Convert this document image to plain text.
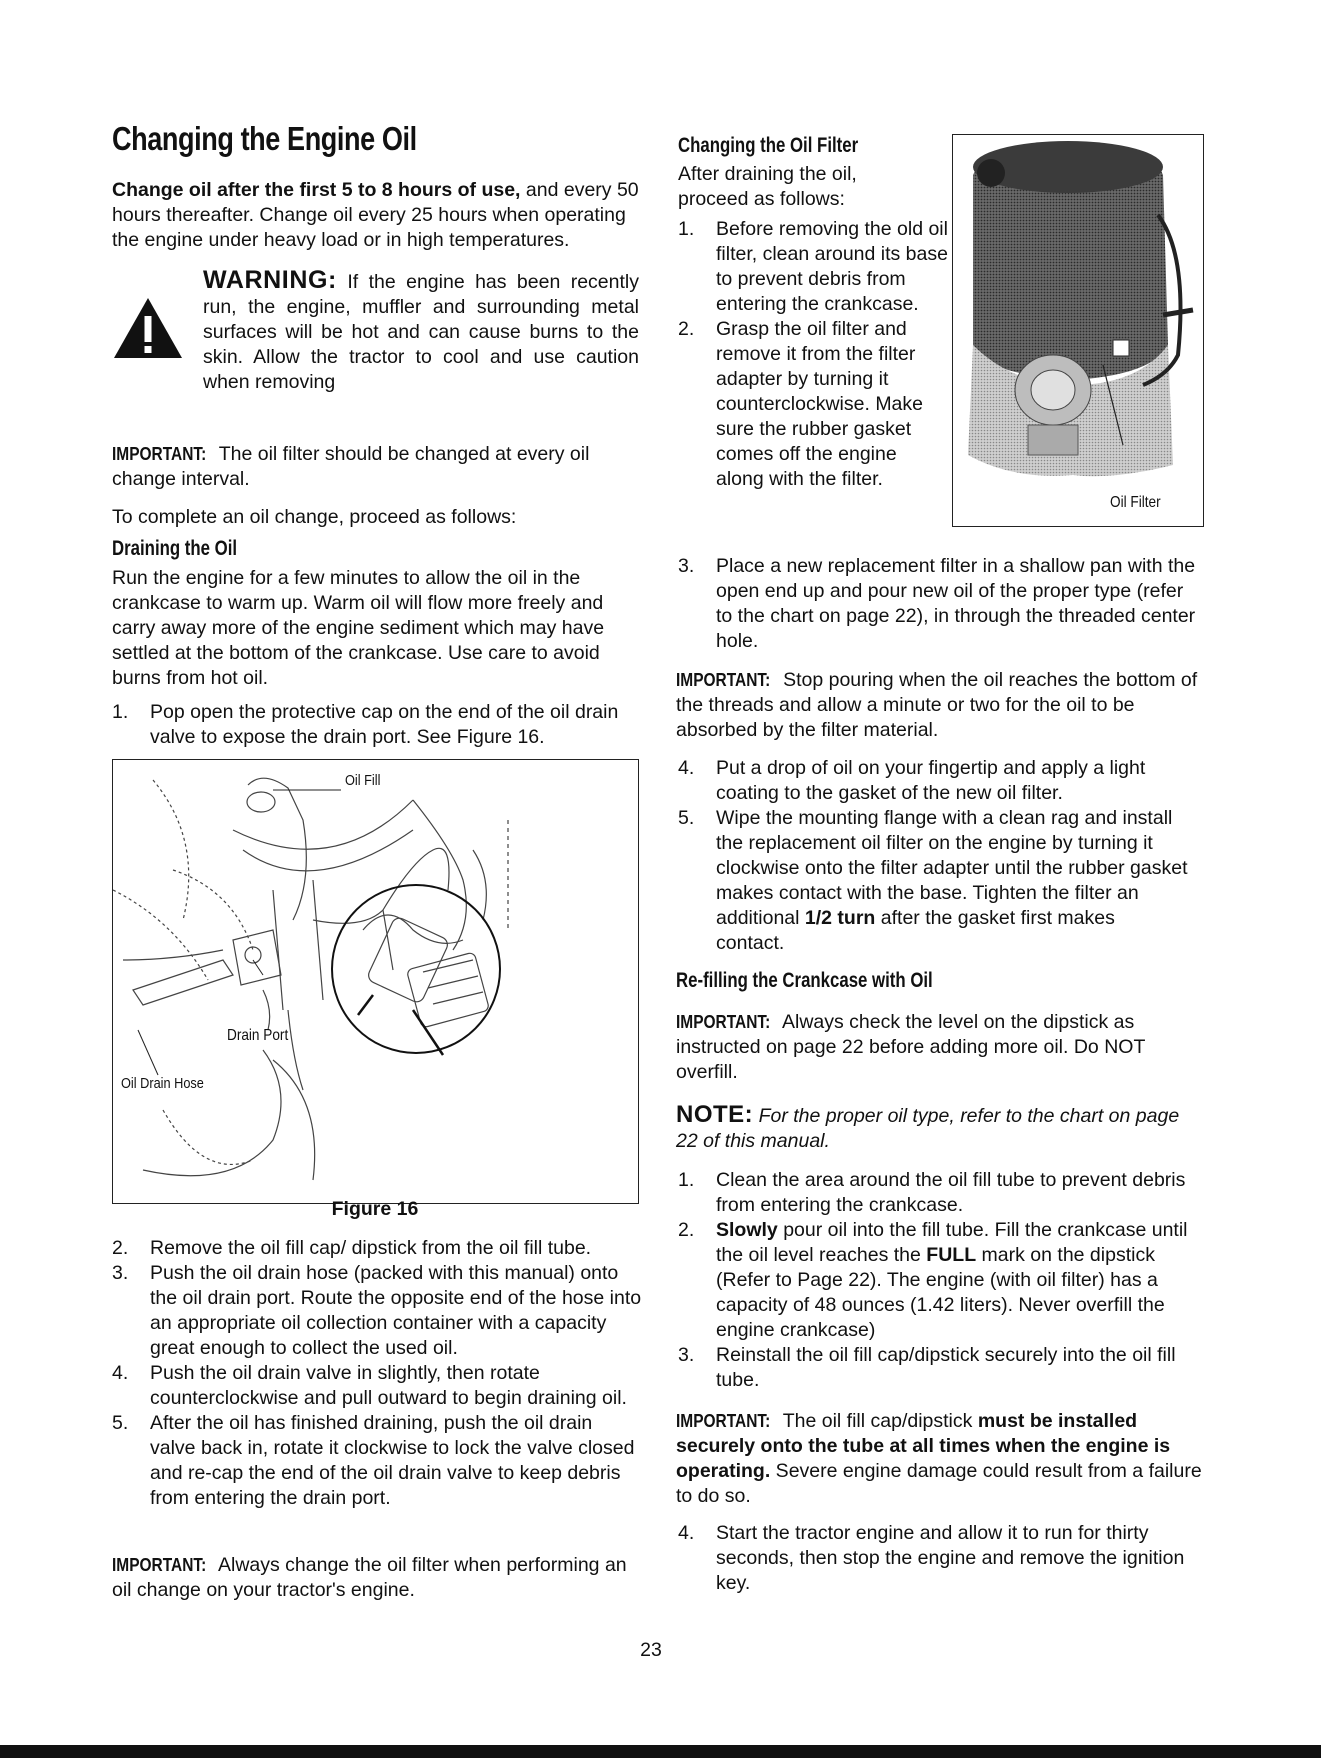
Changing the Engine Oil

Change oil after the first 5 to 8 hours of use, and every 50 hours thereafter. Change oil every 25 hours when operating the engine under heavy load or in high temperatures.

WARNING: If the engine has been recently run, the engine, muffler and surrounding metal surfaces will be hot and can cause burns to the skin. Allow the tractor to cool and use caution when removing

IMPORTANT: The oil filter should be changed at every oil change interval.

To complete an oil change, proceed as follows:

Draining the Oil

Run the engine for a few minutes to allow the oil in the crankcase to warm up. Warm oil will flow more freely and carry away more of the engine sediment which may have settled at the bottom of the crankcase. Use care to avoid burns from hot oil.

1. Pop open the protective cap on the end of the oil drain valve to expose the drain port. See Figure 16.
Oil Fill
Drain Port
Oil Drain Hose
Figure 16
2. Remove the oil fill cap/ dipstick from the oil fill tube.
3. Push the oil drain hose (packed with this manual) onto the oil drain port. Route the opposite end of the hose into an appropriate oil collection container with a capacity great enough to collect the used oil.
4. Push the oil drain valve in slightly, then rotate counterclockwise and pull outward to begin draining oil.
5. After the oil has finished draining, push the oil drain valve back in, rotate it clockwise to lock the valve closed and re-cap the end of the oil drain valve to keep debris from entering the drain port.

IMPORTANT: Always change the oil filter when performing an oil change on your tractor's engine.

Changing the Oil Filter

After draining the oil, proceed as follows:

1. Before removing the old oil filter, clean around its base to prevent debris from entering the crankcase.
2. Grasp the oil filter and remove it from the filter adapter by turning it counterclockwise. Make sure the rubber gasket comes off the engine along with the filter.
Oil Filter
3. Place a new replacement filter in a shallow pan with the open end up and pour new oil of the proper type (refer to the chart on page 22), in through the threaded center hole.

IMPORTANT: Stop pouring when the oil reaches the bottom of the threads and allow a minute or two for the oil to be absorbed by the filter material.

4. Put a drop of oil on your fingertip and apply a light coating to the gasket of the new oil filter.
5. Wipe the mounting flange with a clean rag and install the replacement oil filter on the engine by turning it clockwise onto the filter adapter until the rubber gasket makes contact with the base. Tighten the filter an additional 1/2 turn after the gasket first makes contact.
Re-filling the Crankcase with Oil

IMPORTANT: Always check the level on the dipstick as instructed on page 22 before adding more oil. Do NOT overfill.

NOTE: For the proper oil type, refer to the chart on page 22 of this manual.

1. Clean the area around the oil fill tube to prevent debris from entering the crankcase.
2. Slowly pour oil into the fill tube. Fill the crankcase until the oil level reaches the FULL mark on the dipstick (Refer to Page 22). The engine (with oil filter) has a capacity of 48 ounces (1.42 liters). Never overfill the engine crankcase)
3. Reinstall the oil fill cap/dipstick securely into the oil fill tube.

IMPORTANT: The oil fill cap/dipstick must be installed securely onto the tube at all times when the engine is operating. Severe engine damage could result from a failure to do so.

4. Start the tractor engine and allow it to run for thirty seconds, then stop the engine and remove the ignition key.
23
